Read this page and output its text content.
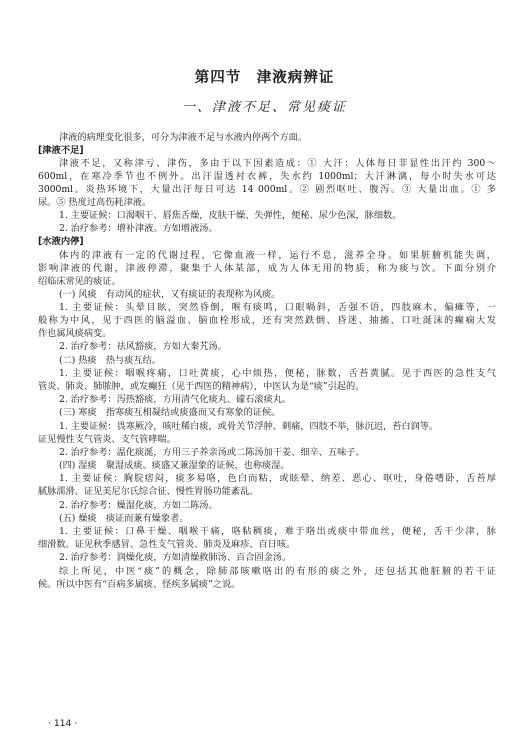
第四节　津液病辨证
一、津液不足、常见痰证
津液的病理变化很多，可分为津液不足与水液内停两个方面。
[津液不足]
津液不足，又称津亏、津伤，多由于以下因素造成：① 大汗：人体每日非显性出汗约 300～
600ml，在寒冷季节也不例外。出汗湿透衬衣裤，失水约 1000ml；大汗淋漓，每小时失水可达
3000ml。炎热环境下，大量出汗每日可达 14 000ml。② 剧烈呕吐、腹泻。③ 大量出血。① 多
尿。⑤ 热度过高伤耗津液。
1. 主要证候：口渴咽干、唇焦舌燥，皮肤干燥、失弹性，便秘、尿少色深，脉细数。
2. 治疗参考：增补津液。方如增液汤。
[水液内停]
体内的津液有一定的代谢过程，它像血液一样，运行不息，滋养全身。如果脏腑机能失调，
影响津液的代谢，津液停滞，聚集于人体某部，成为人体无用的物质，称为痰与饮。下面分别介
绍临床常见的痰证。
(一) 风痰　有动风的症状，又有痰证的表现称为风痰。
1. 主要证候：头晕目眩，突然昏倒，喉有痰鸣，口眼喎斜，舌强不语，四肢麻木，偏瘫等，一
般称为中风，见于西医的脑溢血、脑血栓形成，还有突然跌倒、昏迷、抽搐、口吐涎沫的癫痫大发
作也属风痰病变。
2. 治疗参考：祛风豁痰，方如大秦艽汤。
(二) 热痰　热与痰互结。
1. 主要证候：咽喉疼痛，口吐黄痰，心中烦热，便秘，脉数，舌苔黄腻。见于西医的急性支气
管炎、肺炎、肺脓肿，或发癫狂（见于西医的精神病），中医认为是“痰”引起的。
2. 治疗参考：泻热豁痰，方用清气化痰丸、礞石滚痰丸。
(三) 寒痰　指寒痰互相凝结或痰盛而又有寒象的证候。
1. 主要证候：畏寒厥冷，咳吐稀白痰，或骨关节浮肿、剌痛，四肢不举，脉沉迟，苔白润等。
证见慢性支气管炎、支气管哮喘。
2. 治疗参考：温化痰涎，方用三子养亲汤或二陈汤加干姜、细辛、五味子。
(四) 湿痰　聚湿成痰。痰盛又兼湿象的证候，也称痰湿。
1. 主要证候：胸脘痞闷，痰多易咯，色白而粘，或眩晕、纳差、恶心、呕吐，身倦嗜卧，舌苔厚
腻脉濡滑。证见美尼尔氏综合征、慢性胃肠功能紊乱。
2. 治疗参考：燥湿化痰，方如二陈汤。
(五) 燥痰　痰证而兼有燥象者。
1. 主要证候：口鼻干燥、咽喉干痛，咯粘稠痰，难于咯出或痰中带血丝，便秘，舌干少津，脉
细滑数。证见秋季感冒、急性支气管炎、肺炎及麻疹、百日咳。
2. 治疗参考：润燥化痰，方如清燥救肺汤、百合固金汤。
综上所见，中医“痰”的概念，除肺部咳嗽咯出的有形的痰之外，还包括其他脏腑的若干证
候。所以中医有“百病多属痰、怪疾多属痰”之说。
· 114 ·
